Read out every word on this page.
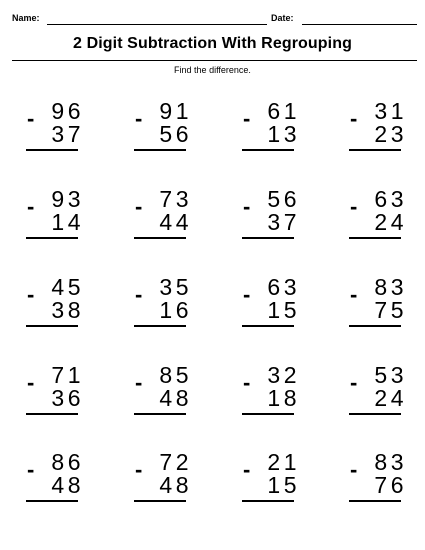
Name:	Date:
2 Digit Subtraction With Regrouping
Find the difference.
96
-
37
91
-
56
61
-
13
31
-
23
93
-
14
73
-
44
56
-
37
63
-
24
45
-
38
35
-
16
63
-
15
83
-
75
71
-
36
85
-
48
32
-
18
53
-
24
86
-
48
72
-
48
21
-
15
83
-
76
